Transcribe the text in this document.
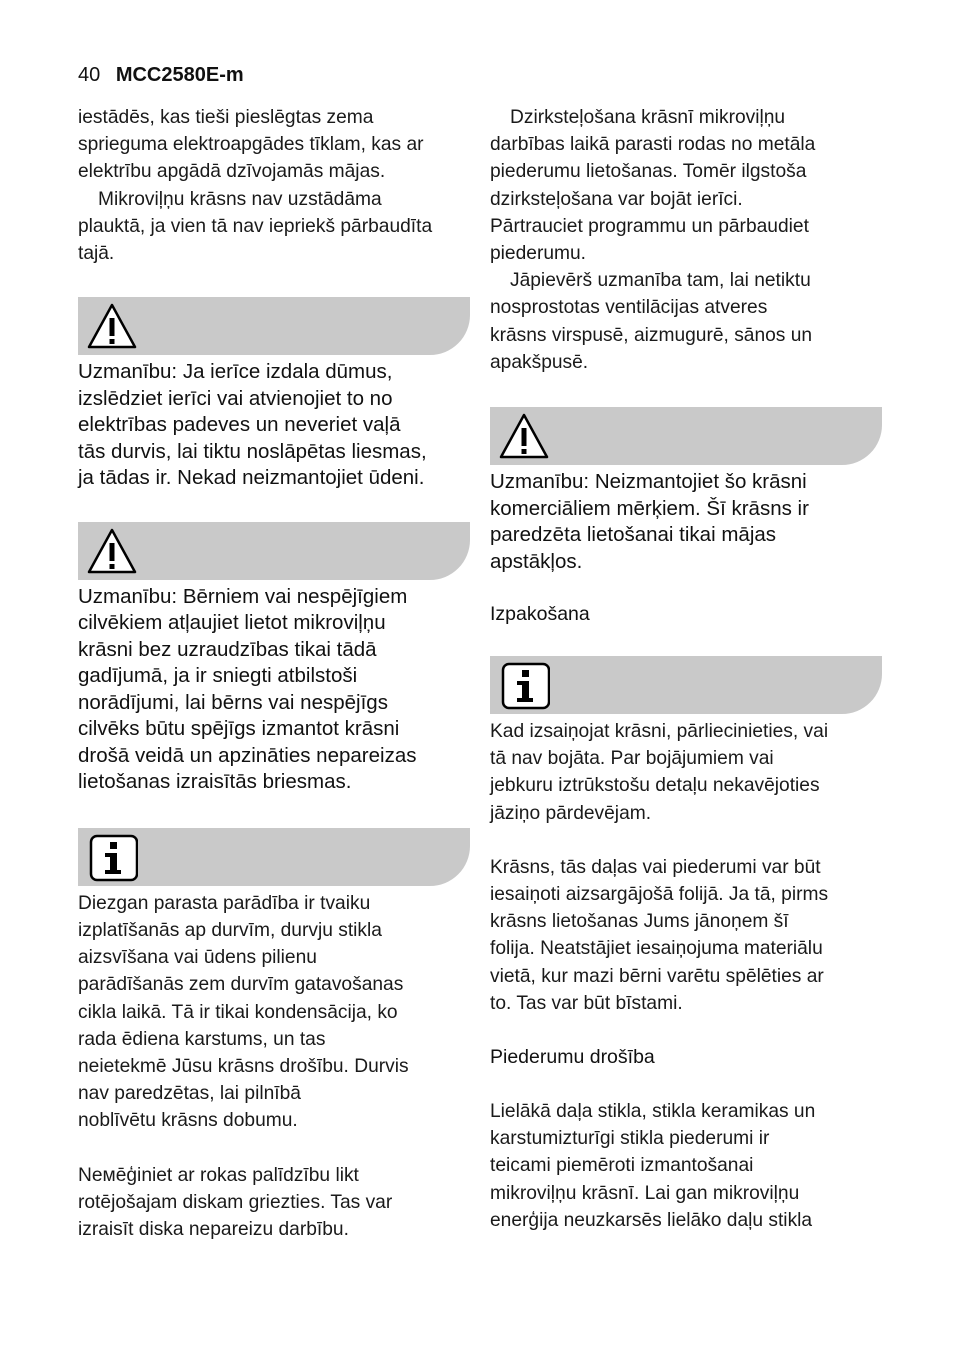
40 MCC2580E-m
iestādēs, kas tieši pieslēgtas zema
sprieguma elektroapgādes tīklam, kas ar
elektrību apgādā dzīvojamās mājas.
Mikroviļņu krāsns nav uzstādāma
plauktā, ja vien tā nav iepriekš pārbaudīta
tajā.
Uzmanību: Ja ierīce izdala dūmus,
izslēdziet ierīci vai atvienojiet to no
elektrības padeves un neveriet vaļā
tās durvis, lai tiktu noslāpētas liesmas,
ja tādas ir. Nekad neizmantojiet ūdeni.
Uzmanību: Bērniem vai nespējīgiem
cilvēkiem atļaujiet lietot mikroviļņu
krāsni bez uzraudzības tikai tādā
gadījumā, ja ir sniegti atbilstoši
norādījumi, lai bērns vai nespējīgs
cilvēks būtu spējīgs izmantot krāsni
drošā veidā un apzināties nepareizas
lietošanas izraisītās briesmas.
Diezgan parasta parādība ir tvaiku
izplatīšanās ap durvīm, durvju stikla
aizsvīšana vai ūdens pilienu
parādīšanās zem durvīm gatavošanas
cikla laikā. Tā ir tikai kondensācija, ko
rada ēdiena karstums, un tas
neietekmē Jūsu krāsns drošību. Durvis
nav paredzētas, lai pilnībā
noblīvētu krāsns dobumu.
Neмēģiniet ar rokas palīdzību likt
rotējošajam diskam griezties. Tas var
izraisīt diska nepareizu darbību.
Dzirksteļošana krāsnī mikroviļņu
darbības laikā parasti rodas no metāla
piederumu lietošanas. Tomēr ilgstoša
dzirksteļošana var bojāt ierīci.
Pārtrauciet programmu un pārbaudiet
piederumu.
Jāpievērš uzmanība tam, lai netiktu
nosprostotas ventilācijas atveres
krāsns virspusē, aizmugurē, sānos un
apakšpusē.
Uzmanību: Neizmantojiet šo krāsni
komerciāliem mērķiem. Šī krāsns ir
paredzēta lietošanai tikai mājas
apstākļos.
Izpakošana
Kad izsaiņojat krāsni, pārliecinieties, vai
tā nav bojāta. Par bojājumiem vai
jebkuru iztrūkstošu detaļu nekavējoties
jāziņo pārdevējam.
Krāsns, tās daļas vai piederumi var būt
iesaiņoti aizsargājošā folijā. Ja tā, pirms
krāsns lietošanas Jums jānoņem šī
folija. Neatstājiet iesaiņojuma materiālu
vietā, kur mazi bērni varētu spēlēties ar
to. Tas var būt bīstami.
Piederumu drošība
Lielākā daļa stikla, stikla keramikas un
karstumizturīgi stikla piederumi ir
teicami piemēroti izmantošanai
mikroviļņu krāsnī. Lai gan mikroviļņu
enerģija neuzkarsēs lielāko daļu stikla
